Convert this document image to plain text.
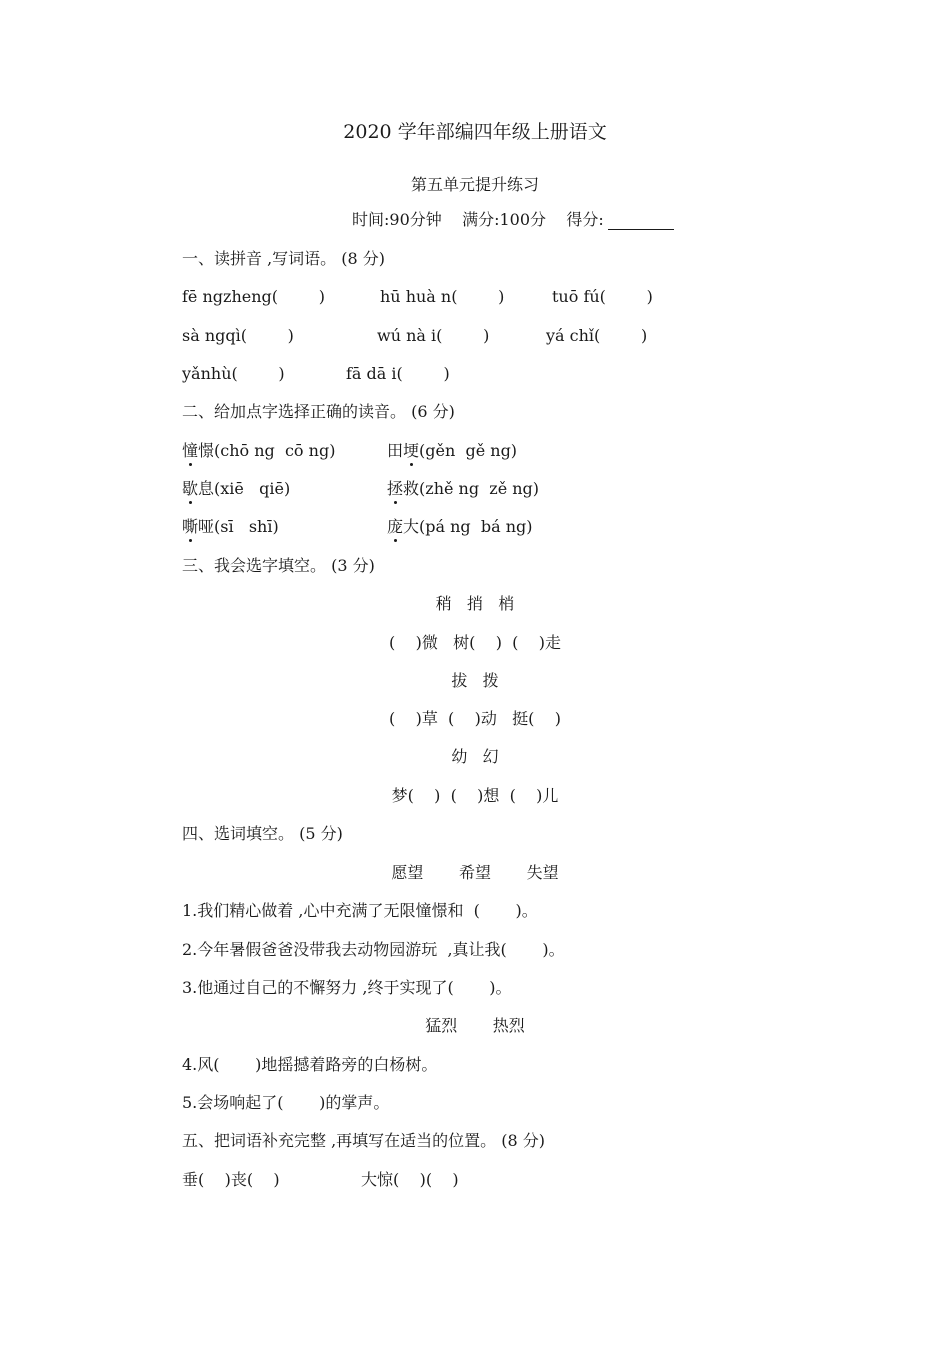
2020 学年部编四年级上册语文
第五单元提升练习
时间:90分钟    满分:100分    得分:
一、读拼音 ,写词语。 (8 分)
fē ngzheng(        )	hū huà n(        )	tuō fú(        )
sà ngqì(        )	wú nà i(        )	yá chǐ(        )
yǎnhù(        )	fā dā i(        )
二、给加点字选择正确的读音。 (6 分)
憧憬(chō ng  cō ng)	田埂(gěn  gě ng)
歇息(xiē   qiē)	拯救(zhě ng  zě ng)
嘶哑(sī   shī)	庞大(pá ng  bá ng)
三、我会选字填空。 (3 分)
稍   捎   梢
(    )微   树(    )  (    )走
拔   拨
(    )草  (    )动   挺(    )
幼   幻
梦(    )  (    )想  (    )儿
四、选词填空。 (5 分)
愿望       希望       失望
1.我们精心做着 ,心中充满了无限憧憬和  (       )。
2.今年暑假爸爸没带我去动物园游玩  ,真让我(       )。
3.他通过自己的不懈努力 ,终于实现了(       )。
猛烈       热烈
4.风(       )地摇撼着路旁的白杨树。
5.会场响起了(       )的掌声。
五、把词语补充完整 ,再填写在适当的位置。 (8 分)
垂(    )丧(    )	大惊(    )(    )
